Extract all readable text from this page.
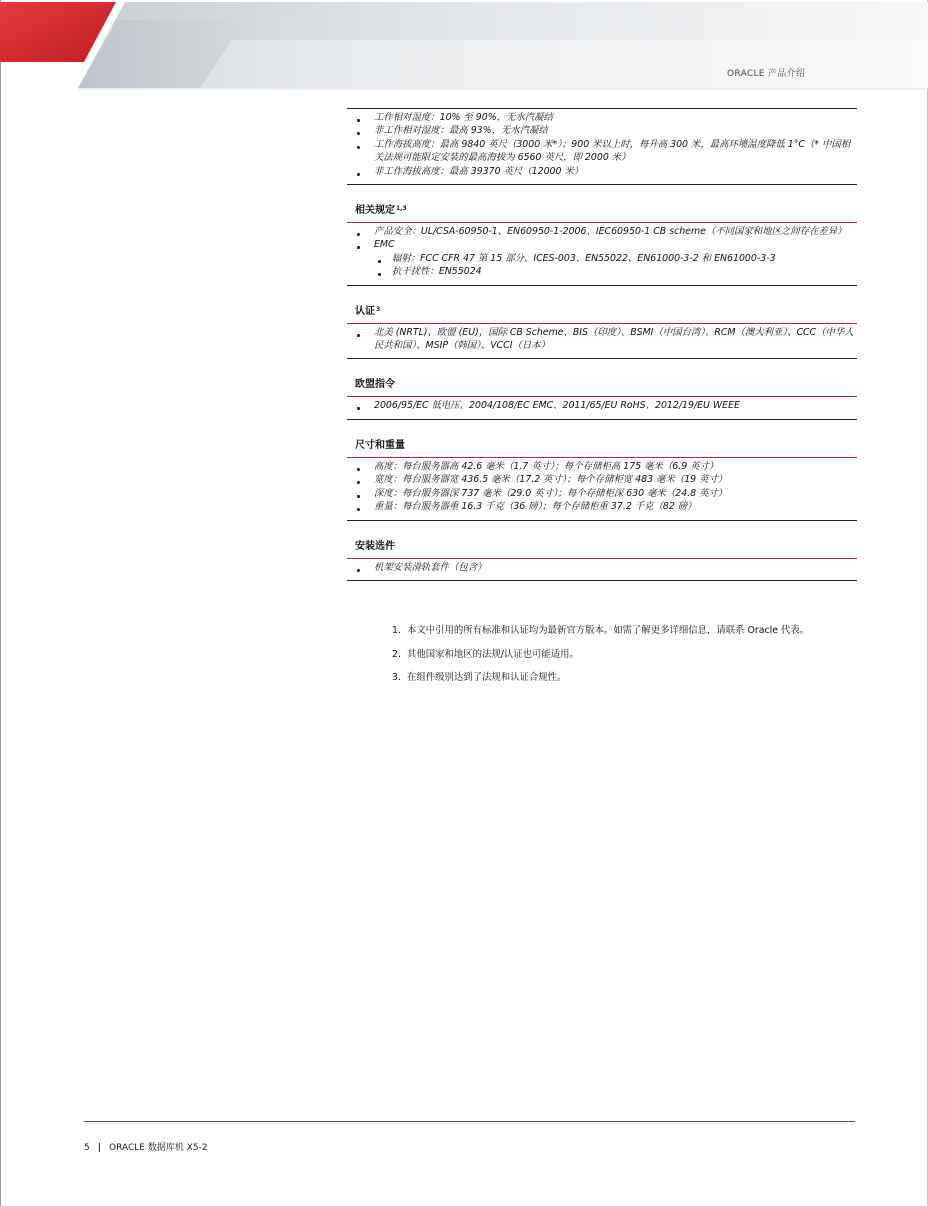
ORACLE 产品介绍
工作相对湿度：10% 至 90%，无水汽凝结
非工作相对湿度：最高 93%，无水汽凝结
工作海拔高度：最高 9840 英尺（3000 米*）；900 米以上时，每升高 300 米，最高环境温度降低 1°C（* 中国相关法规可能限定安装的最高海拔为 6560 英尺，即 2000 米）
非工作海拔高度：最高 39370 英尺（12000 米）
相关规定$^{1,3}$
产品安全：UL/CSA-60950-1、EN60950-1-2006、IEC60950-1 CB scheme（不同国家和地区之间存在差异）
EMC
辐射：FCC CFR 47 第 15 部分、ICES-003、EN55022、EN61000-3-2 和 EN61000-3-3
抗干扰性：EN55024
认证$^3$
北美 (NRTL)、欧盟 (EU)，国际 CB Scheme、BIS（印度）、BSMI（中国台湾）、RCM（澳大利亚）、CCC（中华人民共和国）、MSIP（韩国）、VCCI（日本）
欧盟指令
2006/95/EC 低电压、2004/108/EC EMC、2011/65/EU RoHS、2012/19/EU WEEE
尺寸和重量
高度：每台服务器高 42.6 毫米（1.7 英寸）；每个存储柜高 175 毫米（6.9 英寸）
宽度：每台服务器宽 436.5 毫米（17.2 英寸）；每个存储柜宽 483 毫米（19 英寸）
深度：每台服务器深 737 毫米（29.0 英寸）；每个存储柜深 630 毫米（24.8 英寸）
重量：每台服务器重 16.3 千克（36 磅）；每个存储柜重 37.2 千克（82 磅）
安装选件
机架安装滑轨套件（包含）
1. 本文中引用的所有标准和认证均为最新官方版本。如需了解更多详细信息，请联系 Oracle 代表。
2. 其他国家和地区的法规/认证也可能适用。
3. 在组件级别达到了法规和认证合规性。
5 | ORACLE 数据库机 X5-2
